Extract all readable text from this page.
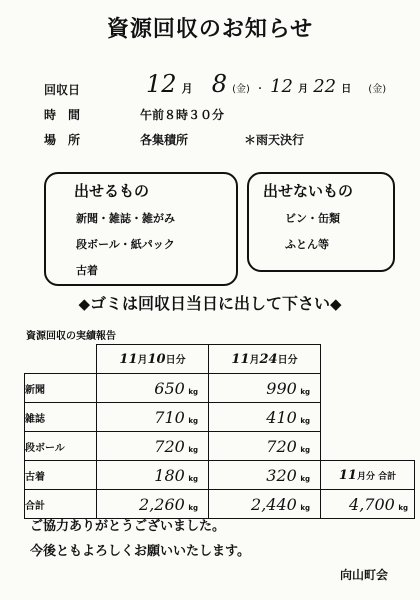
資源回収のお知らせ
回収日	12 月 8 (金) ・ 12 月 22 日 (金)
時　間	午前８時３０分
場　所	各集積所	＊雨天決行
出せるもの
新聞・雑誌・雑がみ
段ボール・紙パック
古着
出せないもの
ビン・缶類
ふとん等
◆ゴミは回収日当日に出して下さい◆
資源回収の実績報告
	11月10日分	11月24日分	
新聞	650 kg	990 kg	
雑誌	710 kg	410 kg	
段ボール	720 kg	720 kg	
古着	180 kg	320 kg	11月分 合計
合計	2,260 kg	2,440 kg	4,700 kg
ご協力ありがとうございました。
今後ともよろしくお願いいたします。
向山町会
